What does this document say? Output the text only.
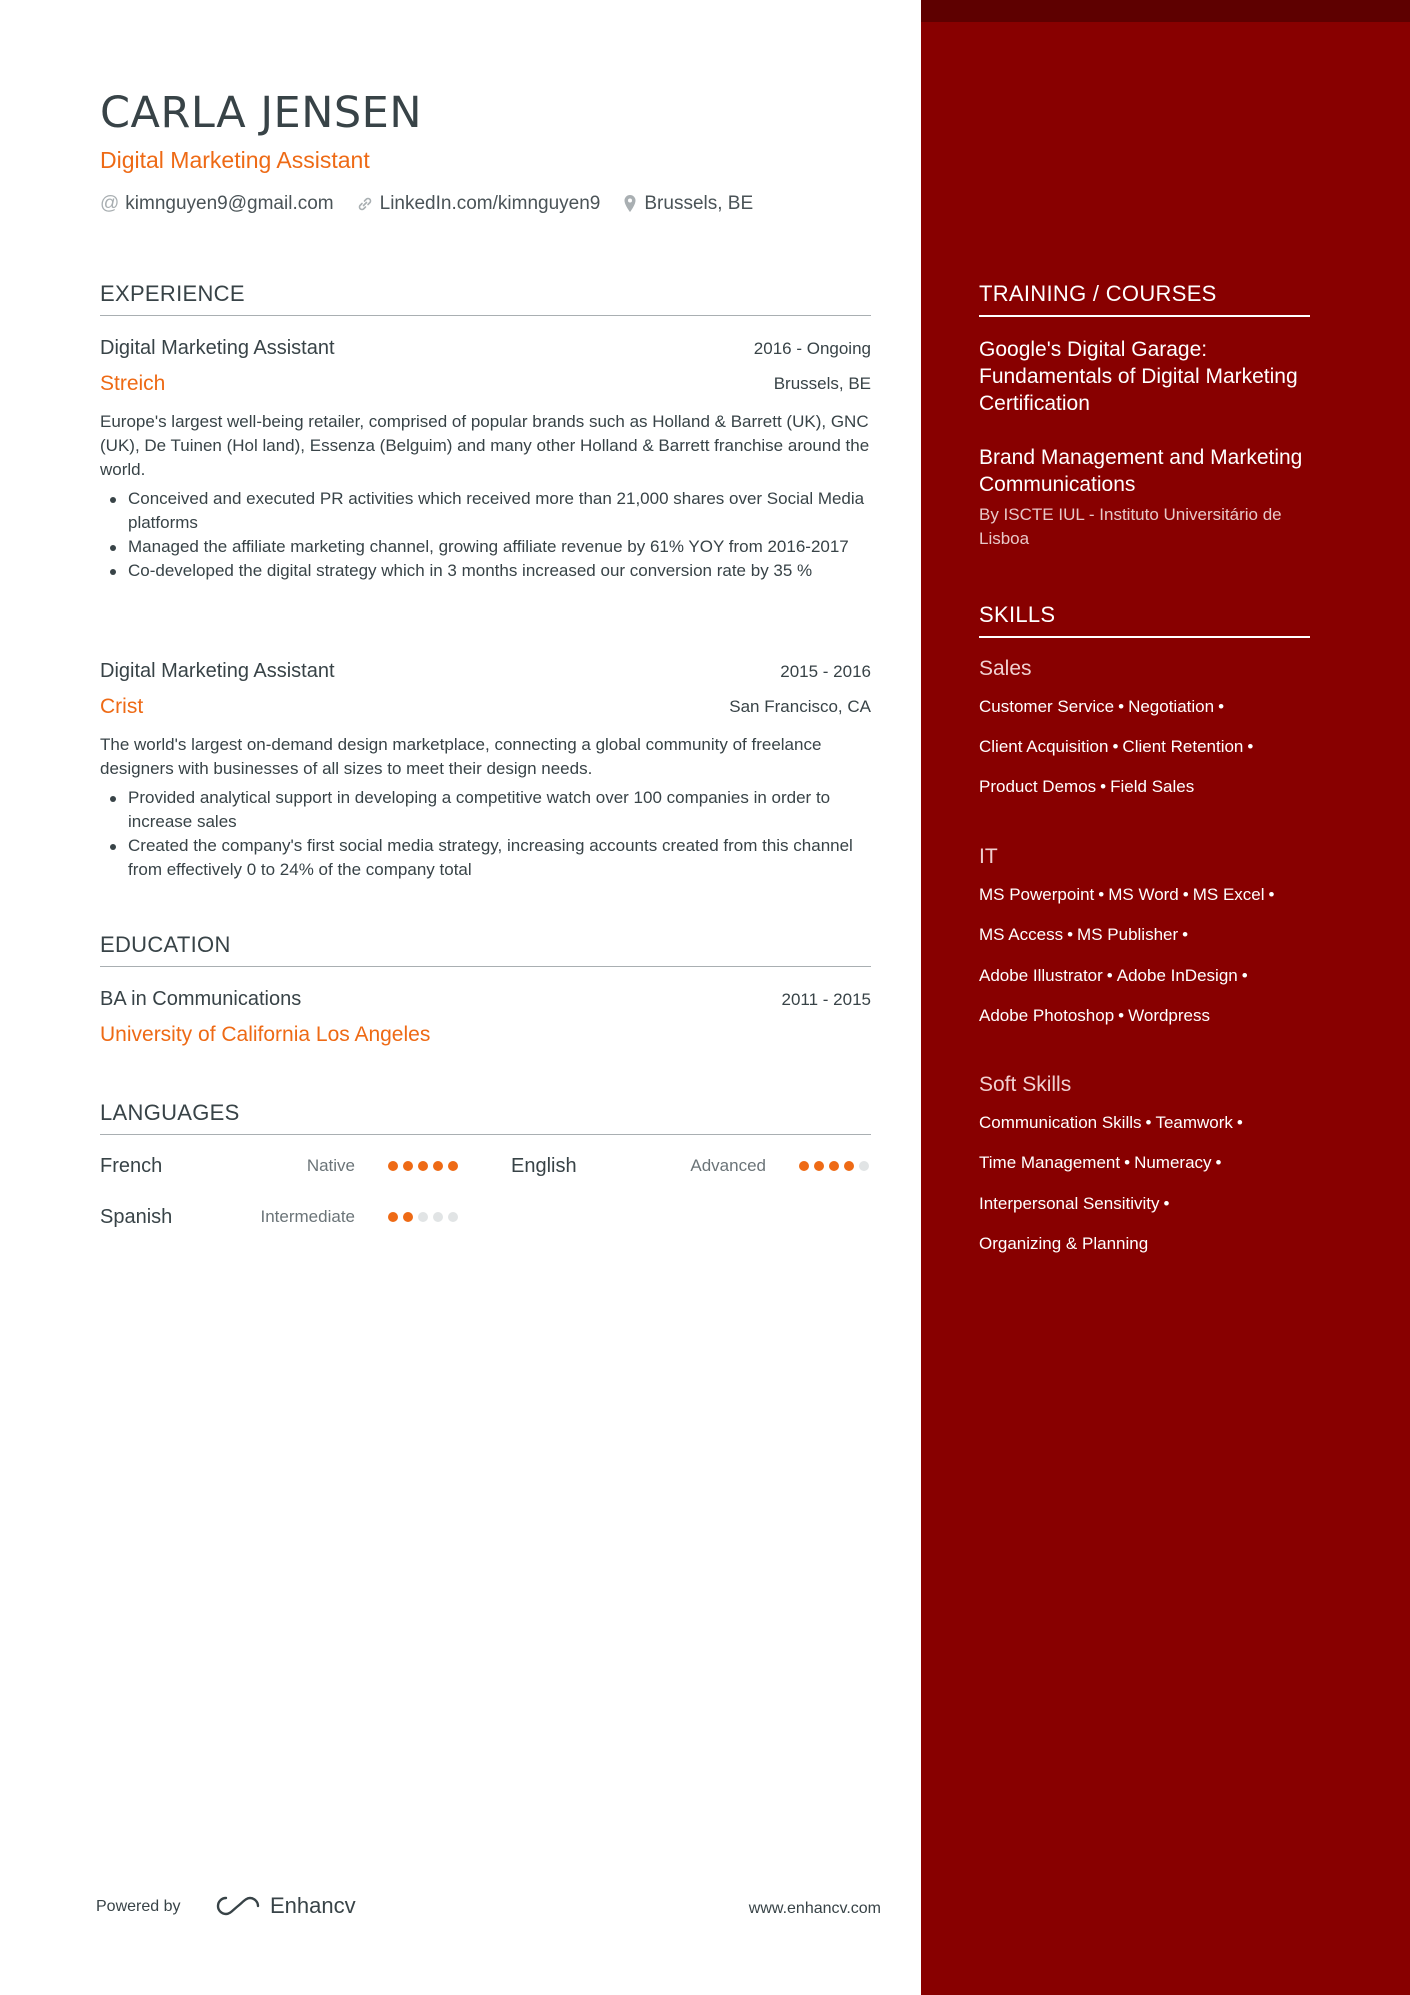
CARLA JENSEN
Digital Marketing Assistant
@ kimnguyen9@gmail.com LinkedIn.com/kimnguyen9 Brussels, BE
EXPERIENCE
Digital Marketing Assistant	2016 - Ongoing
Streich	Brussels, BE
Europe's largest well-being retailer, comprised of popular brands such as Holland & Barrett (UK), GNC (UK), De Tuinen (Hol land), Essenza (Belguim) and many other Holland & Barrett franchise around the world.
Conceived and executed PR activities which received more than 21,000 shares over Social Media platforms
Managed the affiliate marketing channel, growing affiliate revenue by 61% YOY from 2016-2017
Co-developed the digital strategy which in 3 months increased our conversion rate by 35 %
Digital Marketing Assistant	2015 - 2016
Crist	San Francisco, CA
The world's largest on-demand design marketplace, connecting a global community of freelance designers with businesses of all sizes to meet their design needs.
Provided analytical support in developing a competitive watch over 100 companies in order to increase sales
Created the company's first social media strategy, increasing accounts created from this channel from effectively 0 to 24% of the company total
EDUCATION
BA in Communications	2011 - 2015
University of California Los Angeles
LANGUAGES
French	Native	English	Advanced
Spanish	Intermediate
Powered by	Enhancv	www.enhancv.com
TRAINING / COURSES
Google's Digital Garage: Fundamentals of Digital Marketing Certification
Brand Management and Marketing Communications
By ISCTE IUL - Instituto Universitário de Lisboa
SKILLS
Sales
Customer Service • Negotiation •
Client Acquisition • Client Retention •
Product Demos • Field Sales
IT
MS Powerpoint • MS Word • MS Excel •
MS Access • MS Publisher •
Adobe Illustrator • Adobe InDesign •
Adobe Photoshop • Wordpress
Soft Skills
Communication Skills • Teamwork •
Time Management • Numeracy •
Interpersonal Sensitivity •
Organizing & Planning
